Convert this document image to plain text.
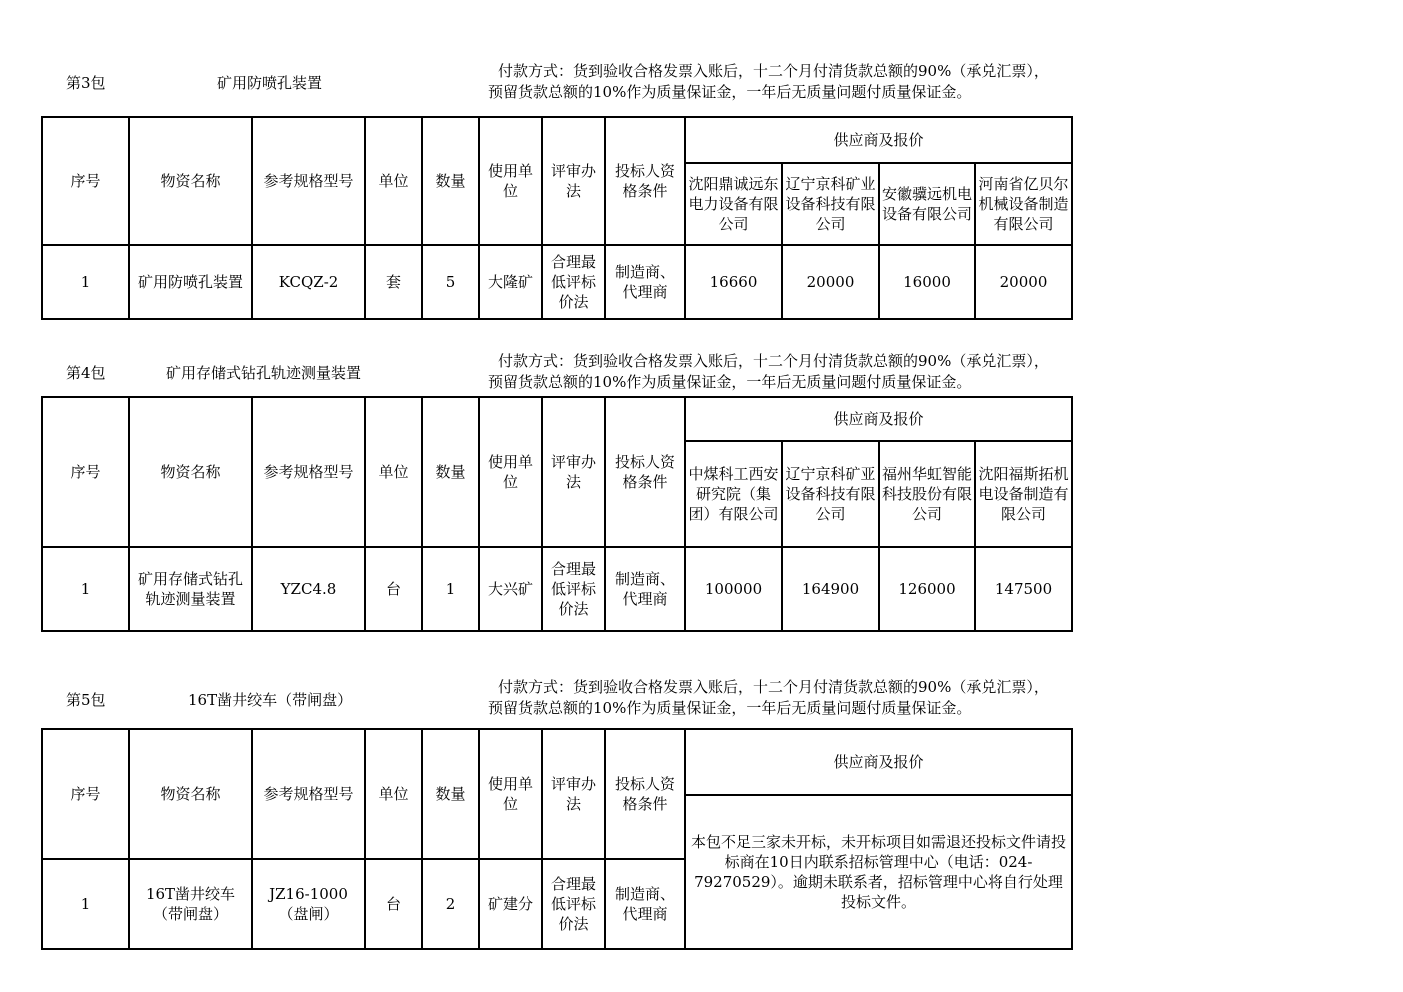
第3包	矿用防喷孔装置
付款方式：货到验收合格发票入账后，十二个月付清货款总额的90%（承兑汇票），预留货款总额的10%作为质量保证金，一年后无质量问题付质量保证金。
序号	物资名称	参考规格型号	单位	数量	使用单位	评审办法	投标人资格条件	供应商及报价			
								沈阳鼎诚远东电力设备有限公司	辽宁京科矿业设备科技有限公司	安徽骥远机电设备有限公司	河南省亿贝尔机械设备制造有限公司
1	矿用防喷孔装置	KCQZ-2	套	5	大隆矿	合理最低评标价法	制造商、代理商	16660	20000	16000	20000
第4包	矿用存储式钻孔轨迹测量装置
付款方式：货到验收合格发票入账后，十二个月付清货款总额的90%（承兑汇票），预留货款总额的10%作为质量保证金，一年后无质量问题付质量保证金。
序号	物资名称	参考规格型号	单位	数量	使用单位	评审办法	投标人资格条件	供应商及报价			
								中煤科工西安研究院（集团）有限公司	辽宁京科矿亚设备科技有限公司	福州华虹智能科技股份有限公司	沈阳福斯拓机电设备制造有限公司
1	矿用存储式钻孔轨迹测量装置	YZC4.8	台	1	大兴矿	合理最低评标价法	制造商、代理商	100000	164900	126000	147500
第5包	16T凿井绞车（带闸盘）
付款方式：货到验收合格发票入账后，十二个月付清货款总额的90%（承兑汇票），预留货款总额的10%作为质量保证金，一年后无质量问题付质量保证金。
序号	物资名称	参考规格型号	单位	数量	使用单位	评审办法	投标人资格条件	供应商及报价
								本包不足三家未开标，未开标项目如需退还投标文件请投标商在10日内联系招标管理中心（电话：024-79270529）。逾期未联系者，招标管理中心将自行处理投标文件。
1	16T凿井绞车（带闸盘）	JZ16-1000（盘闸）	台	2	矿建分	合理最低评标价法	制造商、代理商	
